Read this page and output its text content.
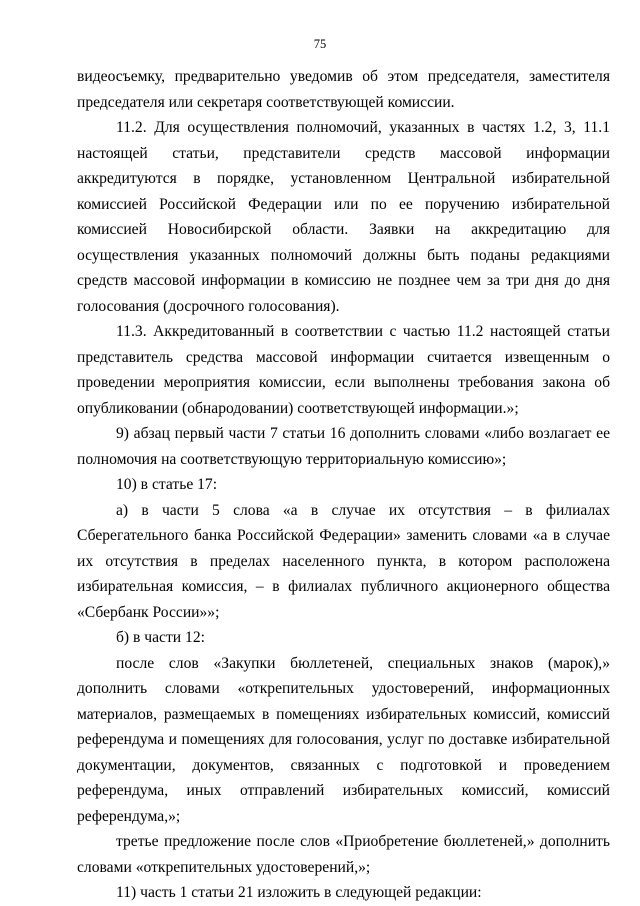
75

видеосъемку, предварительно уведомив об этом председателя, заместителя председателя или секретаря соответствующей комиссии.

11.2. Для осуществления полномочий, указанных в частях 1.2, 3, 11.1 настоящей статьи, представители средств массовой информации аккредитуются в порядке, установленном Центральной избирательной комиссией Российской Федерации или по ее поручению избирательной комиссией Новосибирской области. Заявки на аккредитацию для осуществления указанных полномочий должны быть поданы редакциями средств массовой информации в комиссию не позднее чем за три дня до дня голосования (досрочного голосования).

11.3. Аккредитованный в соответствии с частью 11.2 настоящей статьи представитель средства массовой информации считается извещенным о проведении мероприятия комиссии, если выполнены требования закона об опубликовании (обнародовании) соответствующей информации.»;

9) абзац первый части 7 статьи 16 дополнить словами «либо возлагает ее полномочия на соответствующую территориальную комиссию»;

10) в статье 17:

а) в части 5 слова «а в случае их отсутствия – в филиалах Сберегательного банка Российской Федерации» заменить словами «а в случае их отсутствия в пределах населенного пункта, в котором расположена избирательная комиссия, – в филиалах публичного акционерного общества «Сбербанк России»»;

б) в части 12:

после слов «Закупки бюллетеней, специальных знаков (марок),» дополнить словами «открепительных удостоверений, информационных материалов, размещаемых в помещениях избирательных комиссий, комиссий референдума и помещениях для голосования, услуг по доставке избирательной документации, документов, связанных с подготовкой и проведением референдума, иных отправлений избирательных комиссий, комиссий референдума,»;

третье предложение после слов «Приобретение бюллетеней,» дополнить словами «открепительных удостоверений,»;

11) часть 1 статьи 21 изложить в следующей редакции:
